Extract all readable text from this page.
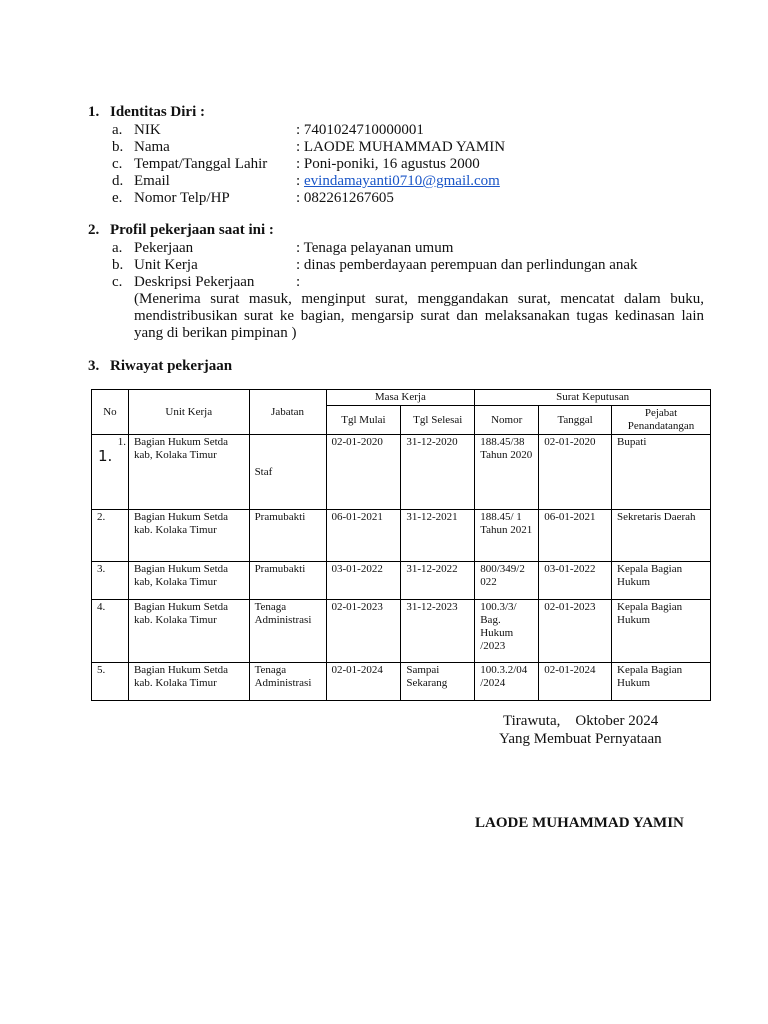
1. Identitas Diri :
a. NIK	: 7401024710000001
b. Nama	: LAODE MUHAMMAD YAMIN
c. Tempat/Tanggal Lahir : Poni-poniki, 16 agustus 2000
d. Email	: evindamayanti0710@gmail.com
e. Nomor Telp/HP	: 082261267605
2. Profil pekerjaan saat ini :
a. Pekerjaan	: Tenaga pelayanan umum
b. Unit Kerja	: dinas pemberdayaan perempuan dan perlindungan anak
c. Deskripsi Pekerjaan	:
(Menerima surat masuk, menginput surat, menggandakan surat, mencatat dalam buku, mendistribusikan surat ke bagian, mengarsip surat dan melaksanakan tugas kedinasan lain yang di berikan pimpinan )
3. Riwayat pekerjaan
No	Unit Kerja	Jabatan	Masa Kerja		Surat Keputusan		
			Tgl Mulai	Tgl Selesai	Nomor	Tanggal	Pejabat Penandatangan

1.
1.	Bagian Hukum Setda kab, Kolaka Timur	Staf	02-01-2020	31-12-2020	188.45/38 Tahun 2020	02-01-2020	Bupati
2.	Bagian Hukum Setda kab. Kolaka Timur	Pramubakti	06-01-2021	31-12-2021	188.45/ 1 Tahun 2021	06-01-2021	Sekretaris Daerah
3.	Bagian Hukum Setda kab, Kolaka Timur	Pramubakti	03-01-2022	31-12-2022	800/349/2 022	03-01-2022	Kepala Bagian Hukum
4.	Bagian Hukum Setda kab. Kolaka Timur	Tenaga Administrasi	02-01-2023	31-12-2023	100.3/3/ Bag. Hukum /2023	02-01-2023	Kepala Bagian Hukum
5.	Bagian Hukum Setda kab. Kolaka Timur	Tenaga Administrasi	02-01-2024	Sampai Sekarang	100.3.2/04 /2024	02-01-2024	Kepala Bagian Hukum
Tirawuta,    Oktober 2024
Yang Membuat Pernyataan
LAODE MUHAMMAD YAMIN
